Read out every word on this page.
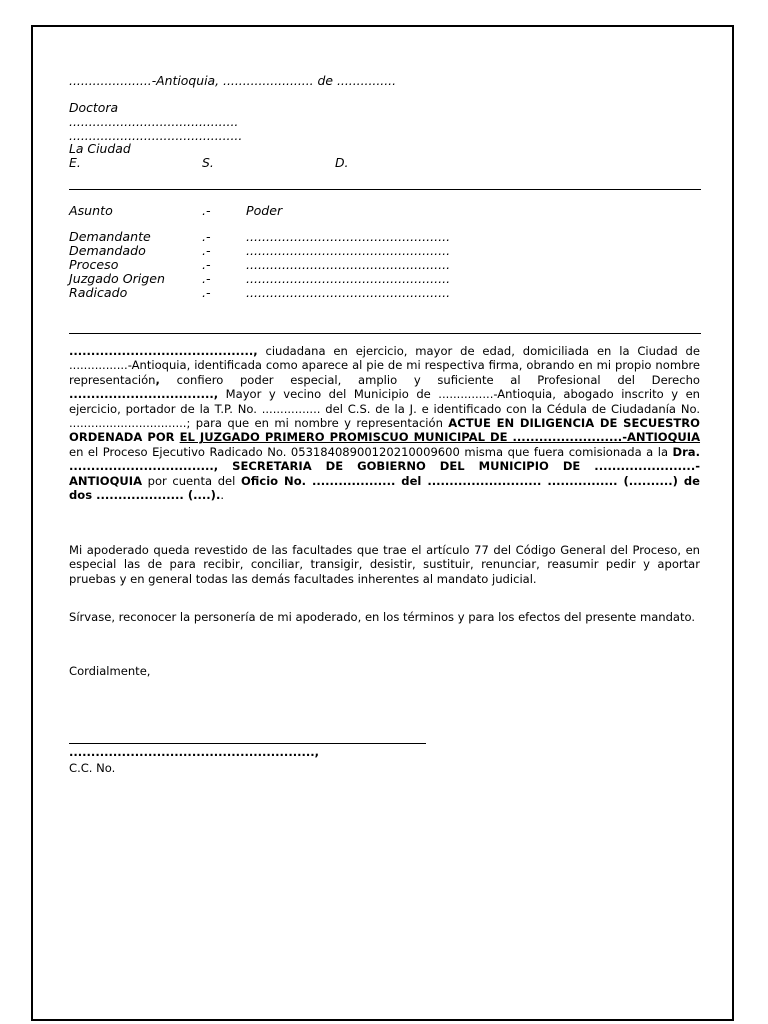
.....................-Antioquia, ....................... de ...............
Doctora
...........................................
............................................
La Ciudad
E.	S.	D.
Asunto	.-	Poder
Demandante	.-	...................................................
Demandado	.-	...................................................
Proceso	.-	...................................................
Juzgado Origen	.-	...................................................
Radicado	.-	...................................................
.........................................., ciudadana en ejercicio, mayor de edad, domiciliada en la Ciudad de ................-Antioquia, identificada como aparece al pie de mi respectiva firma, obrando en mi propio nombre representación, confiero poder especial, amplio y suficiente al Profesional del Derecho ................................., Mayor y vecino del Municipio de ...............-Antioquia, abogado inscrito y en ejercicio, portador de la T.P. No. ................ del C.S. de la J. e identificado con la Cédula de Ciudadanía No. ................................; para que en mi nombre y representación ACTUE EN DILIGENCIA DE SECUESTRO ORDENADA POR EL JUZGADO PRIMERO PROMISCUO MUNICIPAL DE .........................-ANTIOQUIA en el Proceso Ejecutivo Radicado No. 05318408900120210009600 misma que fuera comisionada a la Dra. ................................., SECRETARIA DE GOBIERNO DEL MUNICIPIO DE .......................-ANTIOQUIA por cuenta del Oficio No. ................... del .......................... ................ (..........) de dos .................... (....)..
Mi apoderado queda revestido de las facultades que trae el artículo 77 del Código General del Proceso, en especial las de para recibir, conciliar, transigir, desistir, sustituir, renunciar, reasumir pedir y aportar pruebas y en general todas las demás facultades inherentes al mandato judicial.
Sírvase, reconocer la personería de mi apoderado, en los términos y para los efectos del presente mandato.
Cordialmente,
........................................................,
C.C. No.
